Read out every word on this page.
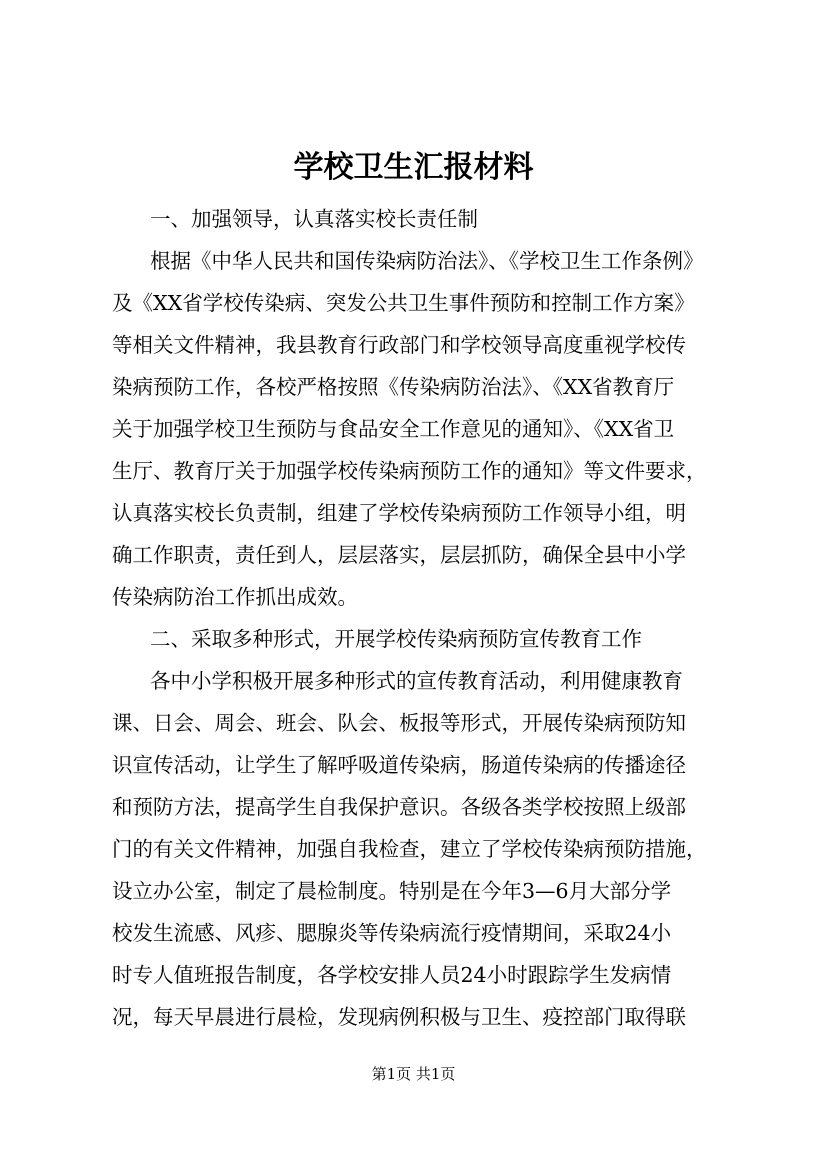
学校卫生汇报材料

一、加强领导，认真落实校长责任制

根据《中华人民共和国传染病防治法》、《学校卫生工作条例》

及《XX省学校传染病、突发公共卫生事件预防和控制工作方案》

等相关文件精神，我县教育行政部门和学校领导高度重视学校传

染病预防工作，各校严格按照《传染病防治法》、《XX省教育厅

关于加强学校卫生预防与食品安全工作意见的通知》、《XX省卫

生厅、教育厅关于加强学校传染病预防工作的通知》等文件要求，

认真落实校长负责制，组建了学校传染病预防工作领导小组，明

确工作职责，责任到人，层层落实，层层抓防，确保全县中小学

传染病防治工作抓出成效。

二、采取多种形式，开展学校传染病预防宣传教育工作

各中小学积极开展多种形式的宣传教育活动，利用健康教育

课、日会、周会、班会、队会、板报等形式，开展传染病预防知

识宣传活动，让学生了解呼吸道传染病，肠道传染病的传播途径

和预防方法，提高学生自我保护意识。各级各类学校按照上级部

门的有关文件精神，加强自我检查，建立了学校传染病预防措施，

设立办公室，制定了晨检制度。特别是在今年3—6月大部分学

校发生流感、风疹、腮腺炎等传染病流行疫情期间，采取24小

时专人值班报告制度，各学校安排人员24小时跟踪学生发病情

况，每天早晨进行晨检，发现病例积极与卫生、疫控部门取得联

第1页 共1页
